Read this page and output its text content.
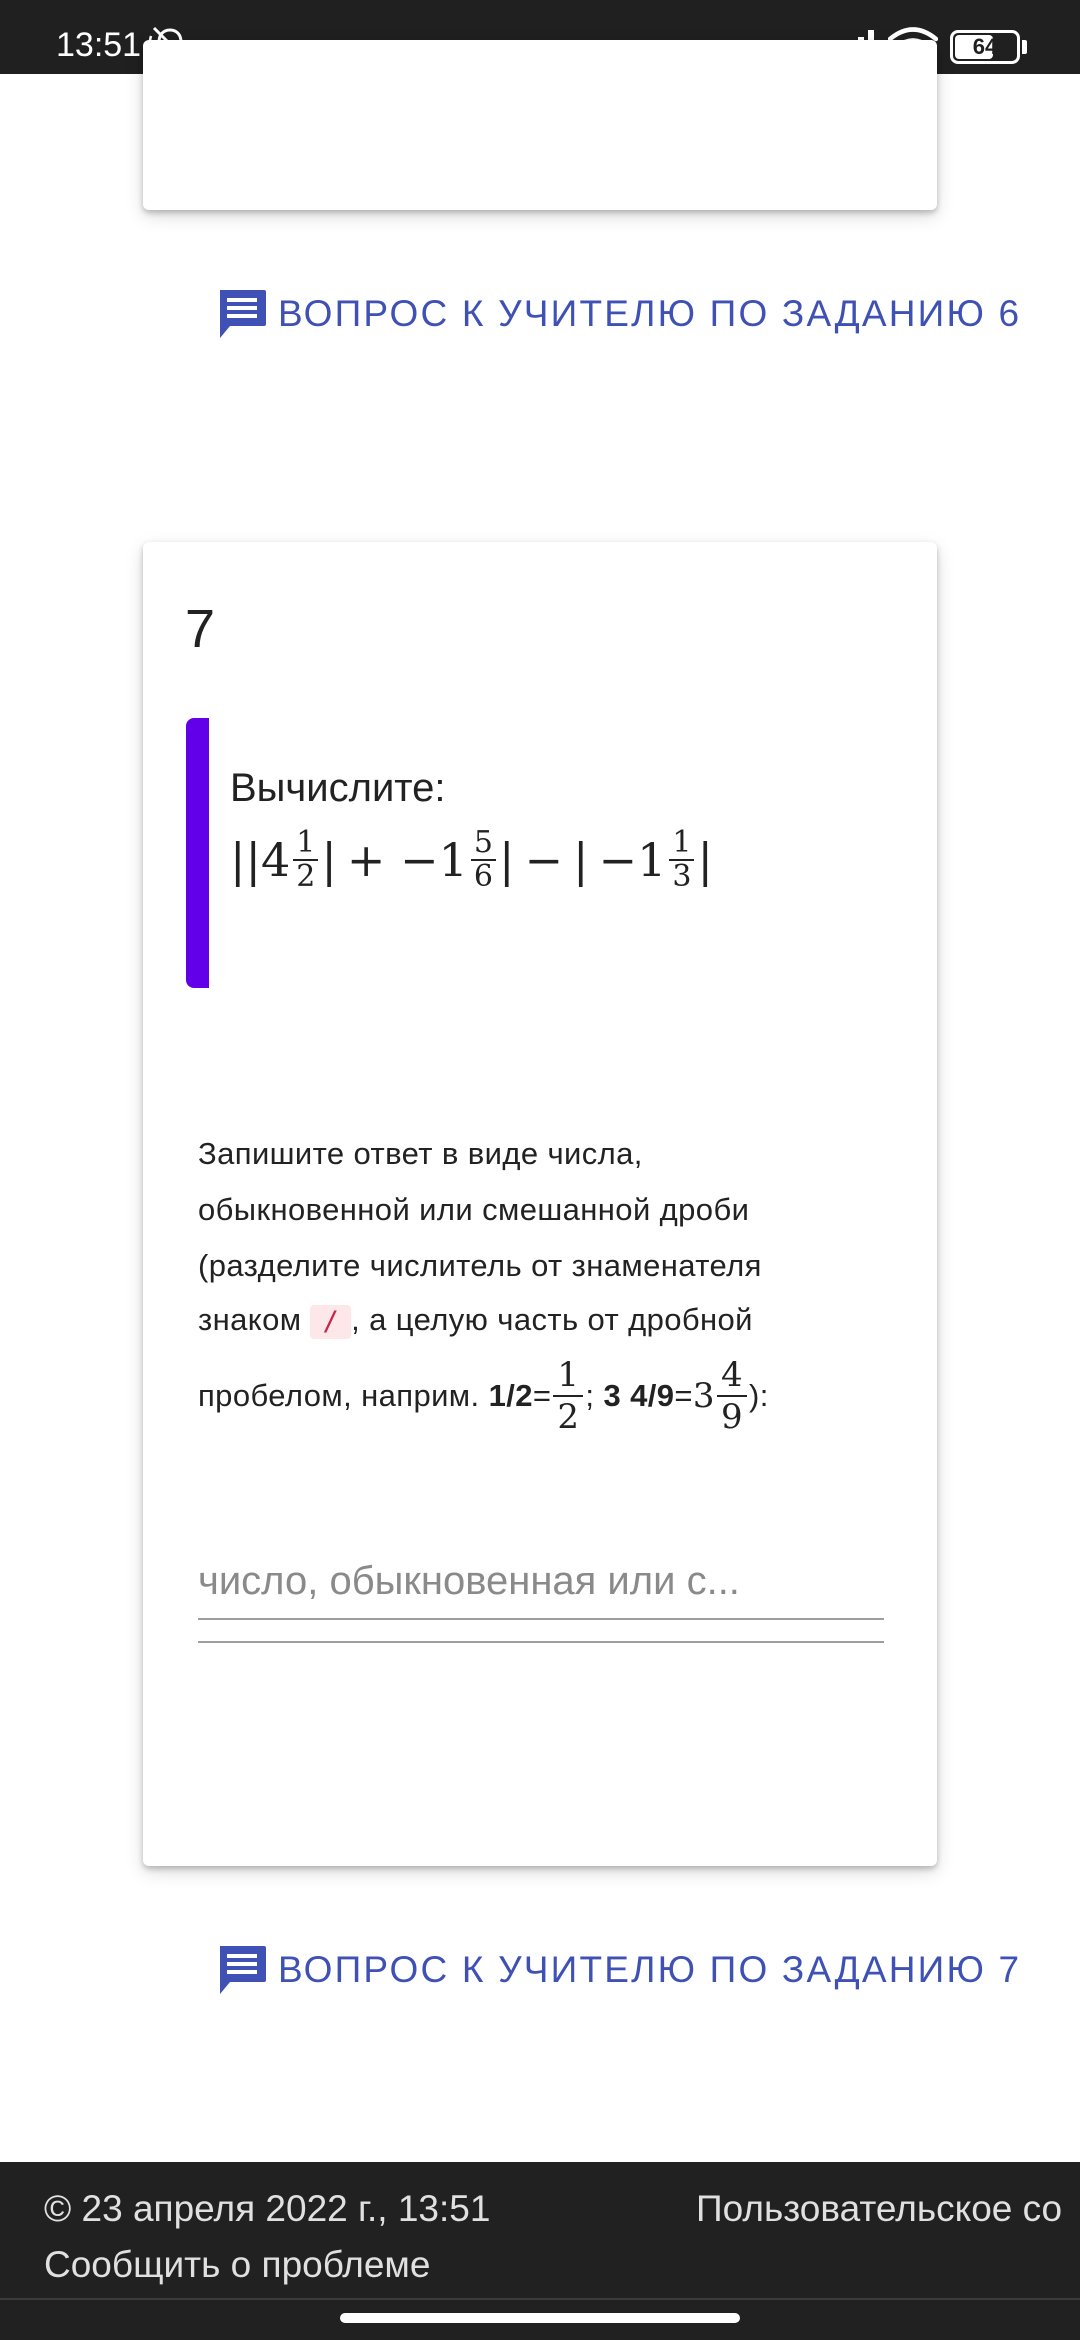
13:51	64
ВОПРОС К УЧИТЕЛЮ ПО ЗАДАНИЮ 6
7
Вычислите:
|| $4 \frac{1}{2}$ | + − $1 \frac{5}{6}$ | − | − $1 \frac{1}{3}$ |
Запишите ответ в виде числа,
обыкновенной или смешанной дроби
(разделите числитель от знаменателя
знаком / , а целую часть от дробной
пробелом, наприм.
$1/2 = \frac{1}{2}$ ;
3 $4/9 = 3 \frac{4}{9}$ ):
число, обыкновенная или с...
ВОПРОС К УЧИТЕЛЮ ПО ЗАДАНИЮ 7
© 23 апреля 2022 г., 13:51	Пользовательское со
Сообщить о проблеме
